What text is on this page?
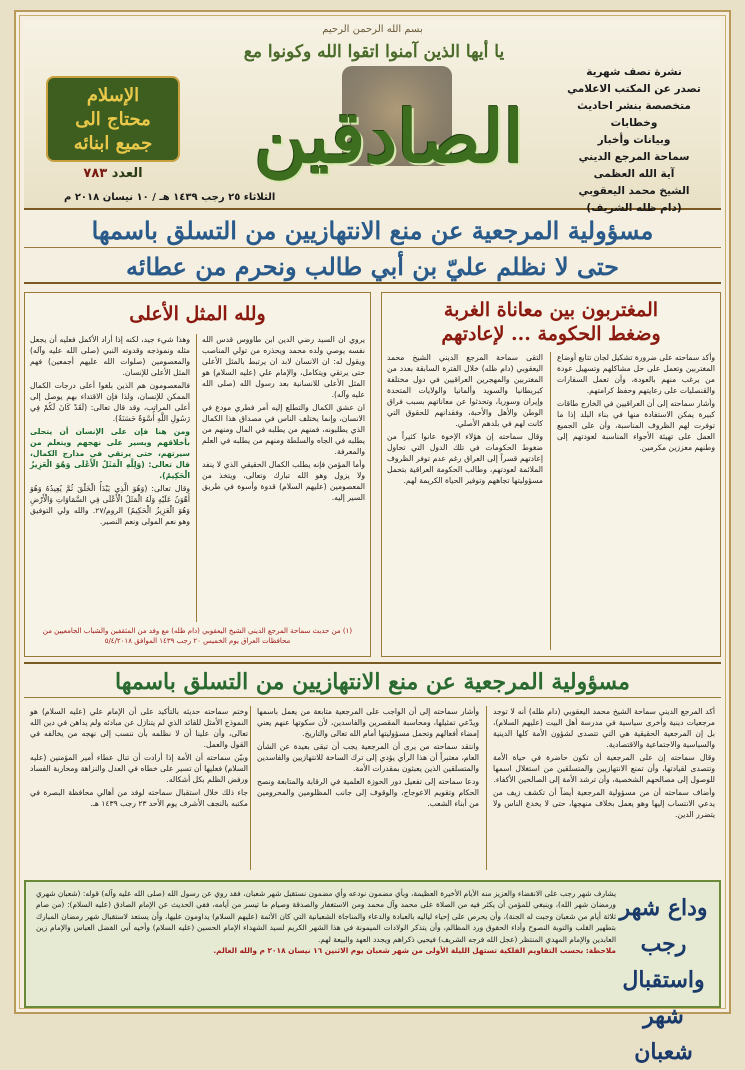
بسم الله الرحمن الرحيم
يا أيها الذين آمنوا اتقوا الله وكونوا مع
نشرة نصف شهرية
تصدر عن المكتب الاعلامي
متخصصة بنشر احاديث وخطابات
وبيانات وأخبار
سماحة المرجع الديني
آية الله العظمى
الشيخ محمد اليعقوبي
(دام ظله الشريف)
الصادقين
الإسلام
محتاج الى
جميع ابنائه
العدد ٧٨٣
الثلاثاء ٢٥ رجب ١٤٣٩ هـ / ١٠ نيسان ٢٠١٨ م
مسؤولية المرجعية عن منع الانتهازيين من التسلق باسمها
حتى لا نظلم عليّ بن أبي طالب ونحرم من عطائه
المغتربون بين معاناة الغربة
وضغط الحكومة ... لإعادتهم

التقى سماحة المرجع الديني الشيخ محمد اليعقوبي (دام ظله) خلال الفترة السابقة بعدد من المغتربين والمهجرين العراقيين في دول مختلفة كبريطانيا والسويد وألمانيا والولايات المتحدة وإيران وسوريا، وتحدثوا عن معاناتهم بسبب فراق الوطن والأهل والأحبة، وفقدانهم للحقوق التي كانت لهم في بلدهم الأصلي.

وقال سماحته إن هؤلاء الإخوة عانوا كثيراً من ضغوط الحكومات في تلك الدول التي تحاول إعادتهم قسراً إلى العراق رغم عدم توفر الظروف الملائمة لعودتهم، وطالب الحكومة العراقية بتحمل مسؤوليتها تجاههم وتوفير الحياة الكريمة لهم.

وأكد سماحته على ضرورة تشكيل لجان تتابع أوضاع المغتربين وتعمل على حل مشاكلهم وتسهيل عودة من يرغب منهم بالعودة، وأن تعمل السفارات والقنصليات على رعايتهم وحفظ كرامتهم.

وأشار سماحته إلى أن العراقيين في الخارج طاقات كبيرة يمكن الاستفادة منها في بناء البلد إذا ما توفرت لهم الظروف المناسبة، وأن على الجميع العمل على تهيئة الأجواء المناسبة لعودتهم إلى وطنهم معززين مكرمين.

ولله المثل الأعلى

يروي ان السيد رضي الدين ابن طاووس قدس الله نفسه يوصي ولده محمد ويحذره من تولي المناصب ويقول له: ان الانسان لابد ان يرتبط بالمثل الأعلى حتى يرتقي ويتكامل، والإمام علي (عليه السلام) هو المثل الأعلى للانسانية بعد رسول الله (صلى الله عليه وآله).

ان عشق الكمال والتطلع إليه أمر فطري مودع في الانسان، وإنما يختلف الناس في مصداق هذا الكمال الذي يطلبونه، فمنهم من يطلبه في المال ومنهم من يطلبه في الجاه والسلطة ومنهم من يطلبه في العلم والمعرفة.

وأما المؤمن فإنه يطلب الكمال الحقيقي الذي لا ينفد ولا يزول وهو الله تبارك وتعالى، ويتخذ من المعصومين (عليهم السلام) قدوة وأسوة في طريق السير إليه.

وهذا شيء جيد، لكنه إذا أراد الأكمل فعليه أن يجعل مثله ونموذجه وقدوته النبي (صلى الله عليه وآله) والمعصومين (صلوات الله عليهم أجمعين) فهم المثل الأعلى للإنسان.

فالمعصومون هم الذين بلغوا أعلى درجات الكمال الممكن للإنسان، ولذا فإن الاقتداء بهم يوصل إلى أعلى المراتب، وقد قال تعالى: (لَقَدْ كَانَ لَكُمْ فِي رَسُولِ اللَّهِ أُسْوَةٌ حَسَنَةٌ).

ومن هنا فإن على الإنسان أن يتحلى بأخلاقهم ويسير على نهجهم ويتعلم من سيرتهم، حتى يرتقي في مدارج الكمال، قال تعالى: (وَلِلَّهِ الْمَثَلُ الْأَعْلَى وَهُوَ الْعَزِيزُ الْحَكِيمُ).

وقال تعالى: (وَهُوَ الَّذِي يَبْدَأُ الْخَلْقَ ثُمَّ يُعِيدُهُ وَهُوَ أَهْوَنُ عَلَيْهِ وَلَهُ الْمَثَلُ الْأَعْلَى فِي السَّمَاوَاتِ وَالْأَرْضِ وَهُوَ الْعَزِيزُ الْحَكِيمُ) الروم/٢٧. والله ولي التوفيق وهو نعم المولى ونعم النصير.

(١) من حديث سماحة المرجع الديني الشيخ اليعقوبي (دام ظله) مع وفد من المثقفين والشباب الجامعيين من محافظات العراق يوم الخميس ٢٠ رجب ١٤٣٩ الموافق ٥/٤/٢٠١٨
مسؤولية المرجعية عن منع الانتهازيين من التسلق باسمها

أكد المرجع الديني سماحة الشيخ محمد اليعقوبي (دام ظله) أنه لا توجد مرجعيات دينية وأخرى سياسية في مدرسة أهل البيت (عليهم السلام)، بل إن المرجعية الحقيقية هي التي تتصدى لشؤون الأمة كلها الدينية والسياسية والاجتماعية والاقتصادية.

وقال سماحته إن على المرجعية أن تكون حاضرة في حياة الأمة وتتصدى لقيادتها، وأن تمنع الانتهازيين والمتسلقين من استغلال اسمها للوصول إلى مصالحهم الشخصية، وأن ترشد الأمة إلى الصالحين الأكفاء.

وأضاف سماحته أن من مسؤولية المرجعية أيضاً أن تكشف زيف من يدعي الانتساب إليها وهو يعمل بخلاف منهجها، حتى لا يخدع الناس ولا يتضرر الدين.

وأشار سماحته إلى أن الواجب على المرجعية متابعة من يعمل باسمها ويدّعي تمثيلها، ومحاسبة المقصرين والفاسدين، لأن سكوتها عنهم يعني إمضاء أفعالهم وتحمل مسؤوليتها أمام الله تعالى والتاريخ.

وانتقد سماحته من يرى أن المرجعية يجب أن تبقى بعيدة عن الشأن العام، معتبراً أن هذا الرأي يؤدي إلى ترك الساحة للانتهازيين والفاسدين والمتسلقين الذين يعبثون بمقدرات الأمة.

ودعا سماحته إلى تفعيل دور الحوزة العلمية في الرقابة والمتابعة ونصح الحكام وتقويم الاعوجاج، والوقوف إلى جانب المظلومين والمحرومين من أبناء الشعب.

وختم سماحته حديثه بالتأكيد على أن الإمام علي (عليه السلام) هو النموذج الأمثل للقائد الذي لم يتنازل عن مبادئه ولم يداهن في دين الله تعالى، وأن علينا أن لا نظلمه بأن ننسب إلى نهجه من يخالفه في القول والعمل.

وبيّن سماحته أن الأمة إذا أرادت أن تنال عطاء أمير المؤمنين (عليه السلام) فعليها أن تسير على خطاه في العدل والنزاهة ومحاربة الفساد ورفض الظلم بكل أشكاله.

جاء ذلك خلال استقبال سماحته لوفد من أهالي محافظة البصرة في مكتبه بالنجف الأشرف يوم الأحد ٢٣ رجب ١٤٣٩ هـ.

وداع شهر رجب
واستقبال
شهر شعبان

يشارف شهر رجب على الانقضاء والعزيز منه الأيام الأخيرة العظيمة، وبأي مضمون نودعه وأي مضمون نستقبل شهر شعبان، فقد روي عن رسول الله (صلى الله عليه وآله) قوله: (شعبان شهري ورمضان شهر الله)، وينبغي للمؤمن أن يكثر فيه من الصلاة على محمد وآل محمد ومن الاستغفار والصدقة وصيام ما تيسر من أيامه، ففي الحديث عن الإمام الصادق (عليه السلام): (من صام ثلاثة أيام من شعبان وجبت له الجنة)، وأن يحرص على إحياء لياليه بالعبادة والدعاء والمناجاة الشعبانية التي كان الأئمة (عليهم السلام) يداومون عليها، وأن يستعد لاستقبال شهر رمضان المبارك بتطهير القلب والتوبة النصوح وأداء الحقوق ورد المظالم، وأن يتذكر الولادات الميمونة في هذا الشهر الكريم لسيد الشهداء الإمام الحسين (عليه السلام) وأخيه أبي الفضل العباس والإمام زين العابدين والإمام المهدي المنتظر (عجل الله فرجه الشريف) فيحيي ذكراهم ويجدد العهد والبيعة لهم.

ملاحظة: بحسب التقاويم الفلكية تستهل الليلة الأولى من شهر شعبان يوم الاثنين ١٦ نيسان ٢٠١٨ م والله العالم.
